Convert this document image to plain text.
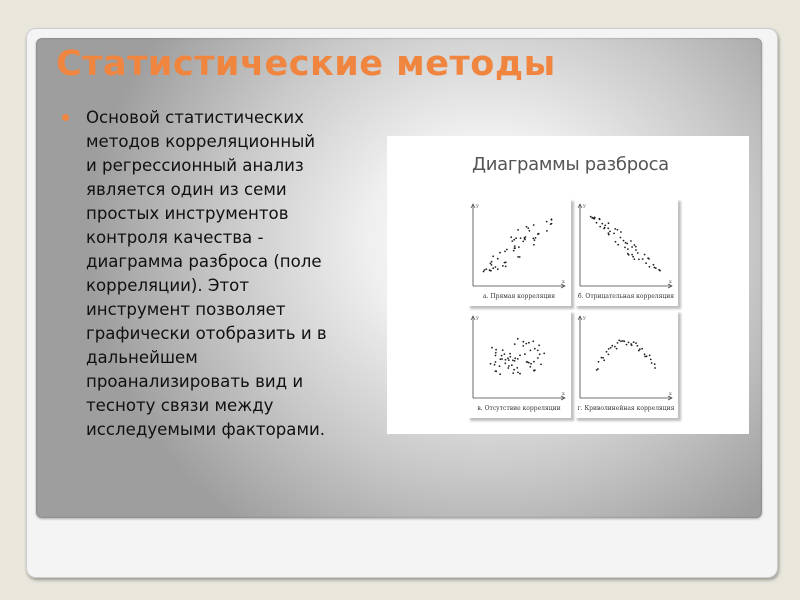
Статистические методы

Основой статистических
методов корреляционный
и регрессионный анализ
является один из семи
простых инструментов
контроля качества -
диаграмма разброса (поле
корреляции). Этот
инструмент позволяет
графически отобразить и в
дальнейшем
проанализировать вид и
тесноту связи между
исследуемыми факторами.

Диаграммы разброса
y
x
а. Прямая корреляция
y
x
б. Отрицательная корреляция
y
x
в. Отсутствие корреляции
y
x
г. Криволинейная корреляция
